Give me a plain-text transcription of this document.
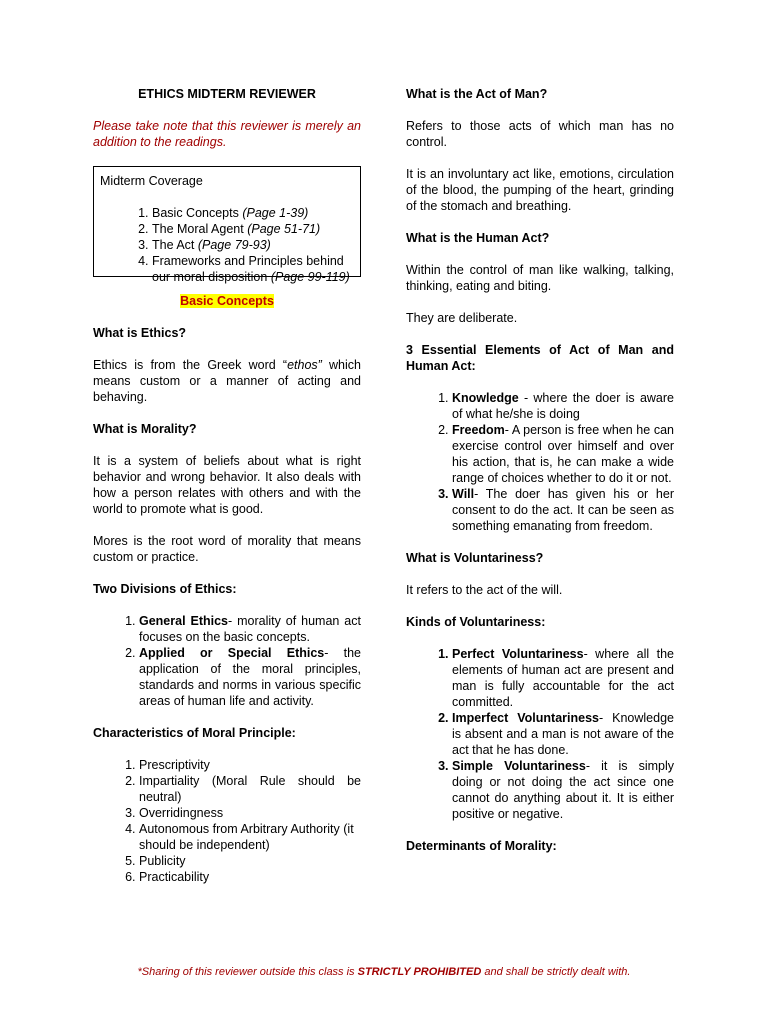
ETHICS MIDTERM REVIEWER

Please take note that this reviewer is merely an addition to the readings.

Midterm Coverage
1. Basic Concepts (Page 1-39)
2. The Moral Agent (Page 51-71)
3. The Act (Page 79-93)
4. Frameworks and Principles behind our moral disposition (Page 99-119)
Basic Concepts
What is Ethics?

Ethics is from the Greek word “ethos” which means custom or a manner of acting and behaving.

What is Morality?

It is a system of beliefs about what is right behavior and wrong behavior. It also deals with how a person relates with others and with the world to promote what is good.

Mores is the root word of morality that means custom or practice.

Two Divisions of Ethics:
1. General Ethics- morality of human act focuses on the basic concepts.
2. Applied or Special Ethics- the application of the moral principles, standards and norms in various specific areas of human life and activity.
Characteristics of Moral Principle:
1. Prescriptivity
2. Impartiality (Moral Rule should be neutral)
3. Overridingness
4. Autonomous from Arbitrary Authority (it should be independent)
5. Publicity
6. Practicability
What is the Act of Man?

Refers to those acts of which man has no control.

It is an involuntary act like, emotions, circulation of the blood, the pumping of the heart, grinding of the stomach and breathing.

What is the Human Act?

Within the control of man like walking, talking, thinking, eating and biting.

They are deliberate.

3 Essential Elements of Act of Man and Human Act:
1. Knowledge - where the doer is aware of what he/she is doing
2. Freedom- A person is free when he can exercise control over himself and over his action, that is, he can make a wide range of choices whether to do it or not.
3. Will- The doer has given his or her consent to do the act. It can be seen as something emanating from freedom.
What is Voluntariness?

It refers to the act of the will.

Kinds of Voluntariness:
1. Perfect Voluntariness- where all the elements of human act are present and man is fully accountable for the act committed.
2. Imperfect Voluntariness- Knowledge is absent and a man is not aware of the act that he has done.
3. Simple Voluntariness- it is simply doing or not doing the act since one cannot do anything about it. It is either positive or negative.
Determinants of Morality:
*Sharing of this reviewer outside this class is STRICTLY PROHIBITED and shall be strictly dealt with.
